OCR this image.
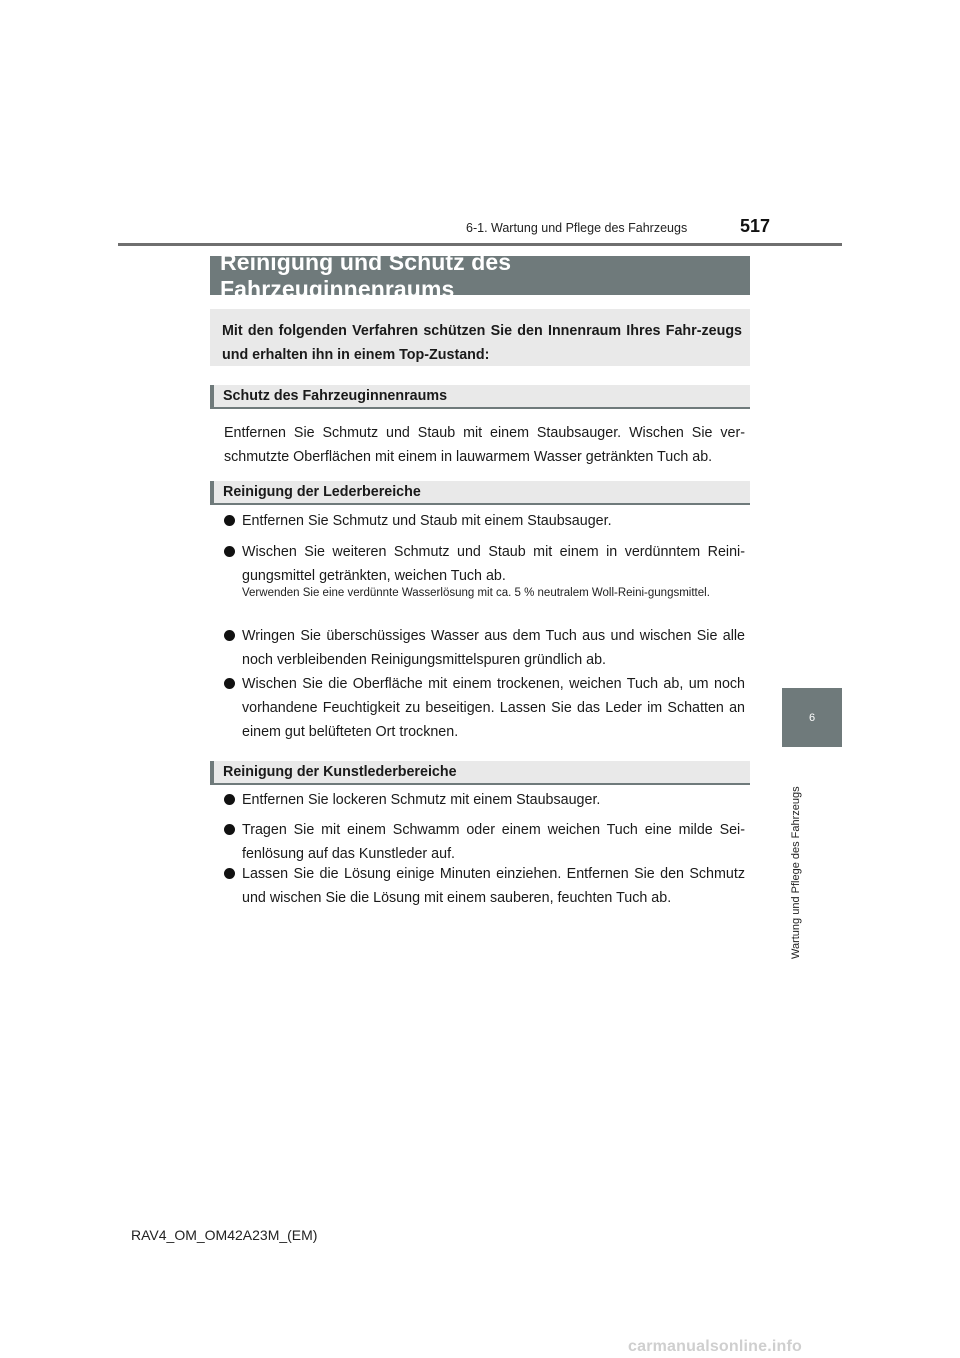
6-1. Wartung und Pflege des Fahrzeugs	517
Reinigung und Schutz des Fahrzeuginnenraums
Mit den folgenden Verfahren schützen Sie den Innenraum Ihres Fahr-zeugs und erhalten ihn in einem Top-Zustand:
Schutz des Fahrzeuginnenraums
Entfernen Sie Schmutz und Staub mit einem Staubsauger. Wischen Sie ver-schmutzte Oberflächen mit einem in lauwarmem Wasser getränkten Tuch ab.
Reinigung der Lederbereiche
Entfernen Sie Schmutz und Staub mit einem Staubsauger.
Wischen Sie weiteren Schmutz und Staub mit einem in verdünntem Reini-gungsmittel getränkten, weichen Tuch ab.
Verwenden Sie eine verdünnte Wasserlösung mit ca. 5 % neutralem Woll-Reini-gungsmittel.
Wringen Sie überschüssiges Wasser aus dem Tuch aus und wischen Sie alle noch verbleibenden Reinigungsmittelspuren gründlich ab.
Wischen Sie die Oberfläche mit einem trockenen, weichen Tuch ab, um noch vorhandene Feuchtigkeit zu beseitigen. Lassen Sie das Leder im Schatten an einem gut belüfteten Ort trocknen.
Reinigung der Kunstlederbereiche
Entfernen Sie lockeren Schmutz mit einem Staubsauger.
Tragen Sie mit einem Schwamm oder einem weichen Tuch eine milde Sei-fenlösung auf das Kunstleder auf.
Lassen Sie die Lösung einige Minuten einziehen. Entfernen Sie den Schmutz und wischen Sie die Lösung mit einem sauberen, feuchten Tuch ab.
6
Wartung und Pflege des Fahrzeugs
RAV4_OM_OM42A23M_(EM)
carmanualsonline.info
